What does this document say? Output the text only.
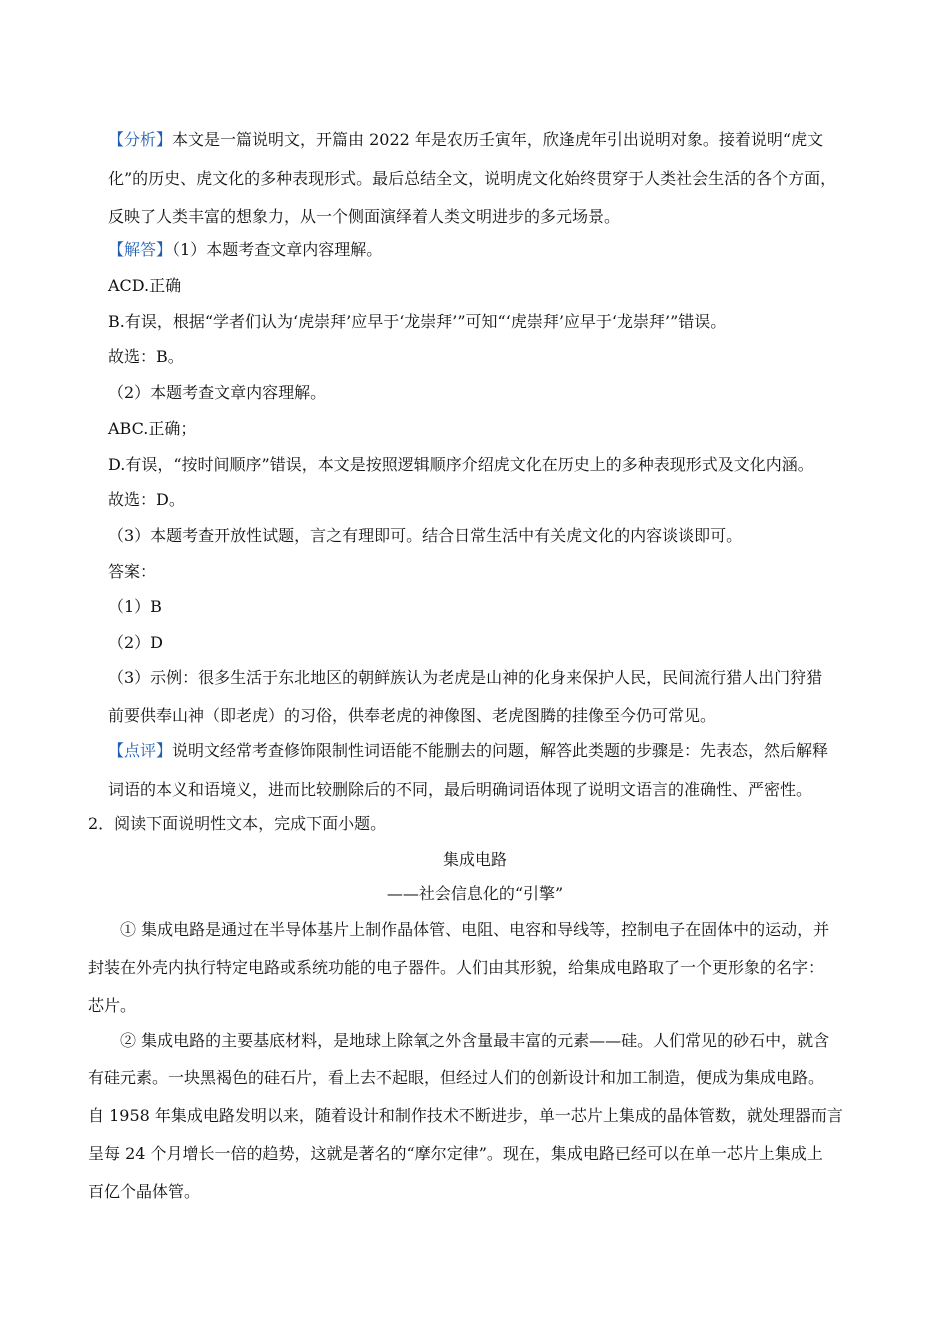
【分析】本文是一篇说明文，开篇由 2022 年是农历壬寅年，欣逢虎年引出说明对象。接着说明“虎文
化”的历史、虎文化的多种表现形式。最后总结全文，说明虎文化始终贯穿于人类社会生活的各个方面，
反映了人类丰富的想象力，从一个侧面演绎着人类文明进步的多元场景。
【解答】（1）本题考查文章内容理解。
ACD.正确
B.有误，根据“学者们认为‘虎崇拜’应早于‘龙崇拜’”可知“‘虎崇拜’应早于‘龙崇拜’”错误。
故选：B。
（2）本题考查文章内容理解。
ABC.正确；
D.有误，“按时间顺序”错误，本文是按照逻辑顺序介绍虎文化在历史上的多种表现形式及文化内涵。
故选：D。
（3）本题考查开放性试题，言之有理即可。结合日常生活中有关虎文化的内容谈谈即可。
答案：
（1）B
（2）D
（3）示例：很多生活于东北地区的朝鲜族认为老虎是山神的化身来保护人民，民间流行猎人出门狩猎
前要供奉山神（即老虎）的习俗，供奉老虎的神像图、老虎图腾的挂像至今仍可常见。
【点评】说明文经常考查修饰限制性词语能不能删去的问题，解答此类题的步骤是：先表态，然后解释
词语的本义和语境义，进而比较删除后的不同，最后明确词语体现了说明文语言的准确性、严密性。
2．阅读下面说明性文本，完成下面小题。
集成电路
——社会信息化的“引擎”
① 集成电路是通过在半导体基片上制作晶体管、电阻、电容和导线等，控制电子在固体中的运动，并
封装在外壳内执行特定电路或系统功能的电子器件。人们由其形貌，给集成电路取了一个更形象的名字：
芯片。
② 集成电路的主要基底材料，是地球上除氧之外含量最丰富的元素——硅。人们常见的砂石中，就含
有硅元素。一块黑褐色的硅石片，看上去不起眼，但经过人们的创新设计和加工制造，便成为集成电路。
自 1958 年集成电路发明以来，随着设计和制作技术不断进步，单一芯片上集成的晶体管数，就处理器而言
呈每 24 个月增长一倍的趋势，这就是著名的“摩尔定律”。现在，集成电路已经可以在单一芯片上集成上
百亿个晶体管。
